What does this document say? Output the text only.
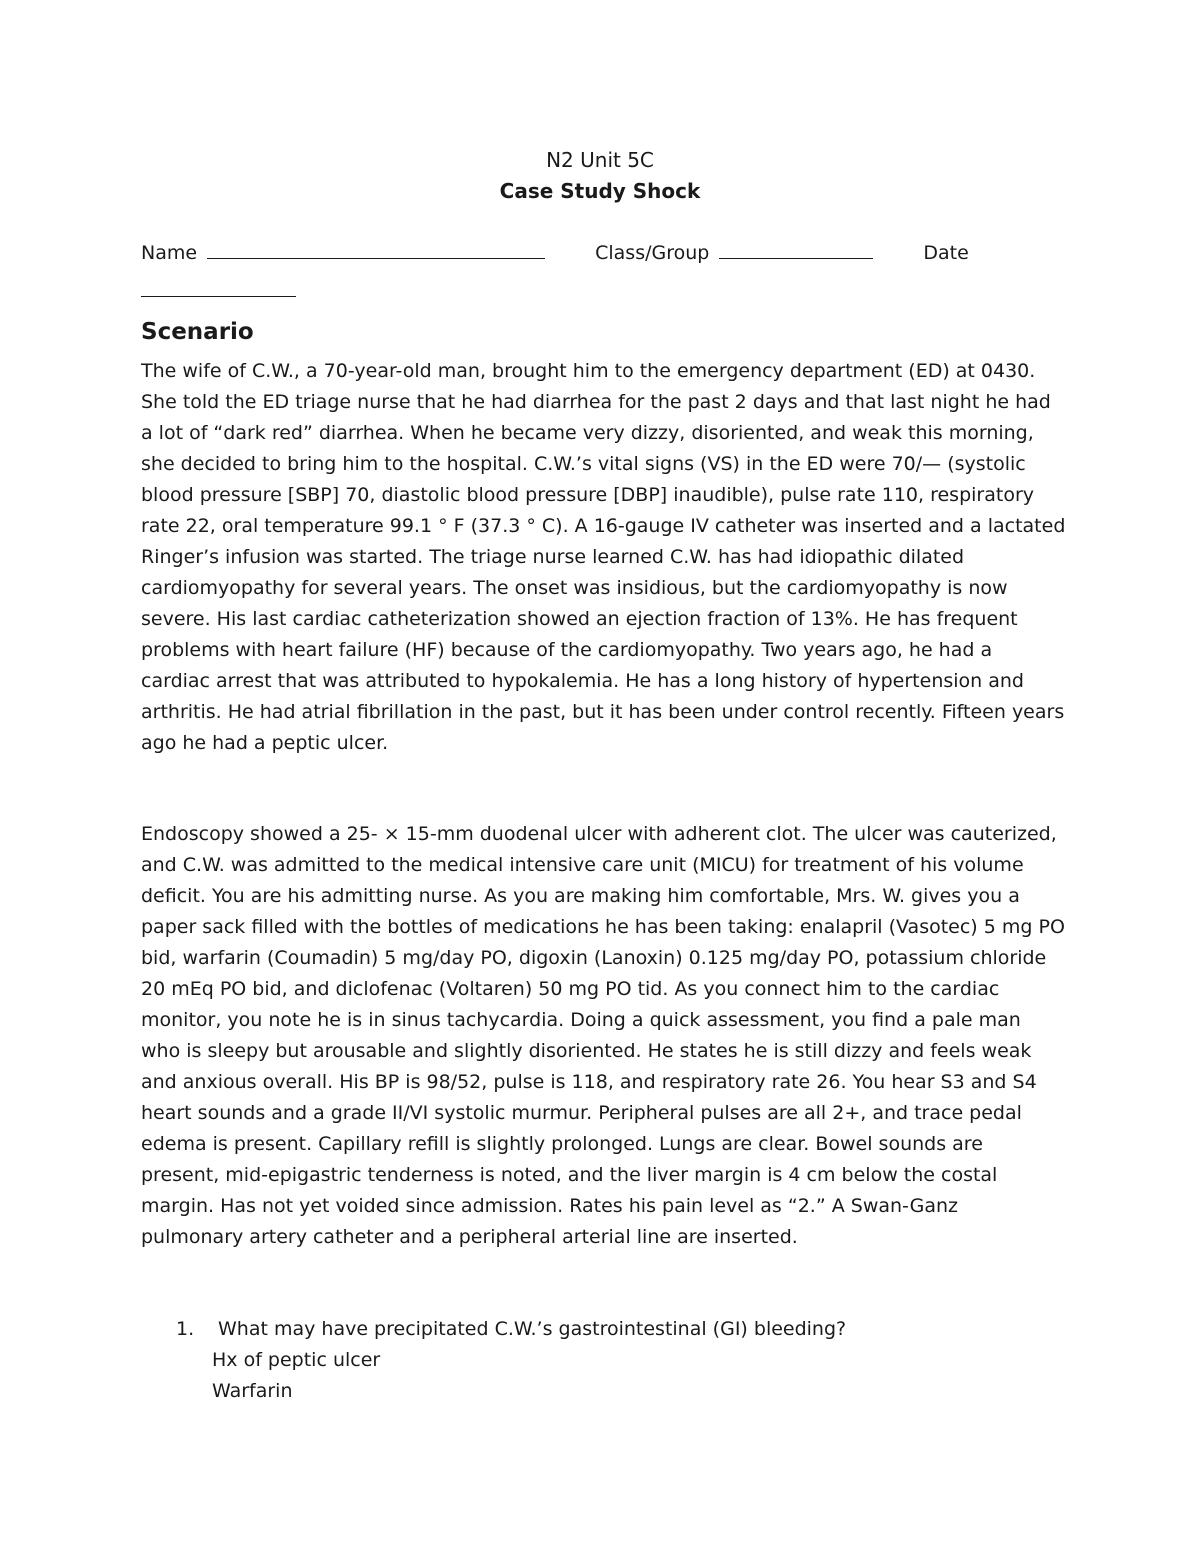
N2 Unit 5C
Case Study Shock
Name	Class/Group	Date
Scenario

The wife of C.W., a 70-year-old man, brought him to the emergency department (ED) at 0430. She told the ED triage nurse that he had diarrhea for the past 2 days and that last night he had a lot of “dark red” diarrhea. When he became very dizzy, disoriented, and weak this morning, she decided to bring him to the hospital. C.W.’s vital signs (VS) in the ED were 70/— (systolic blood pressure [SBP] 70, diastolic blood pressure [DBP] inaudible), pulse rate 110, respiratory rate 22, oral temperature 99.1 ° F (37.3 ° C). A 16-gauge IV catheter was inserted and a lactated Ringer’s infusion was started. The triage nurse learned C.W. has had idiopathic dilated cardiomyopathy for several years. The onset was insidious, but the cardiomyopathy is now severe. His last cardiac catheterization showed an ejection fraction of 13%. He has frequent problems with heart failure (HF) because of the cardiomyopathy. Two years ago, he had a cardiac arrest that was attributed to hypokalemia. He has a long history of hypertension and arthritis. He had atrial fibrillation in the past, but it has been under control recently. Fifteen years ago he had a peptic ulcer.

Endoscopy showed a 25- × 15-mm duodenal ulcer with adherent clot. The ulcer was cauterized, and C.W. was admitted to the medical intensive care unit (MICU) for treatment of his volume deficit. You are his admitting nurse. As you are making him comfortable, Mrs. W. gives you a paper sack filled with the bottles of medications he has been taking: enalapril (Vasotec) 5 mg PO bid, warfarin (Coumadin) 5 mg/day PO, digoxin (Lanoxin) 0.125 mg/day PO, potassium chloride 20 mEq PO bid, and diclofenac (Voltaren) 50 mg PO tid. As you connect him to the cardiac monitor, you note he is in sinus tachycardia. Doing a quick assessment, you find a pale man who is sleepy but arousable and slightly disoriented. He states he is still dizzy and feels weak and anxious overall. His BP is 98/52, pulse is 118, and respiratory rate 26. You hear S3 and S4 heart sounds and a grade II/VI systolic murmur. Peripheral pulses are all 2+, and trace pedal edema is present. Capillary refill is slightly prolonged. Lungs are clear. Bowel sounds are present, mid-epigastric tenderness is noted, and the liver margin is 4 cm below the costal margin. Has not yet voided since admission. Rates his pain level as “2.” A Swan-Ganz pulmonary artery catheter and a peripheral arterial line are inserted.

1. What may have precipitated C.W.’s gastrointestinal (GI) bleeding?
Hx of peptic ulcer
Warfarin
